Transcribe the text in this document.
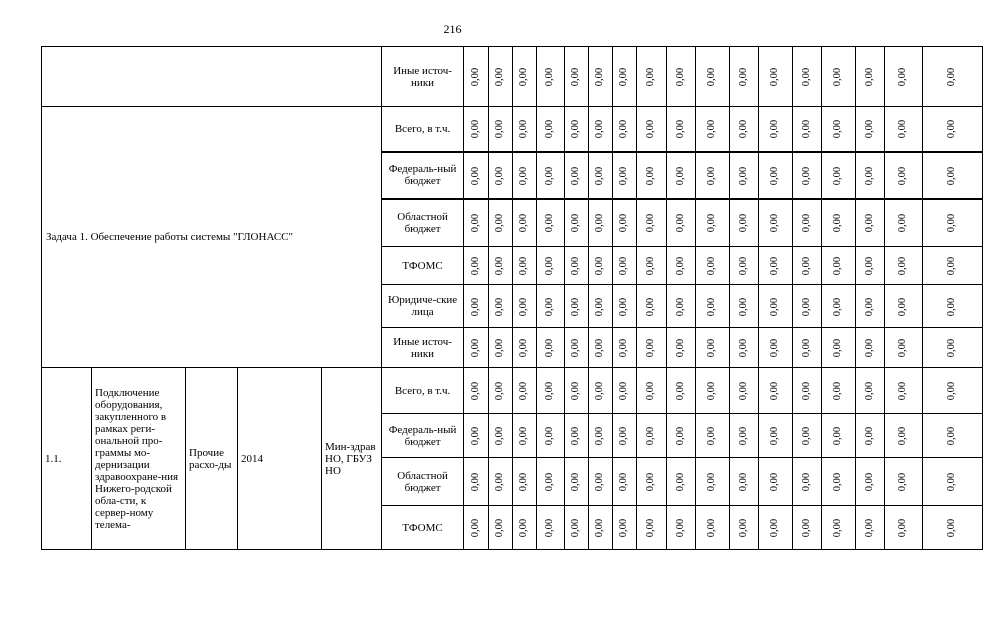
216
					Иные источ-ники	0,00	0,00	0,00	0,00	0,00	0,00	0,00	0,00	0,00	0,00	0,00	0,00	0,00	0,00	0,00	0,00	0,00
Задача 1. Обеспечение работы системы "ГЛОНАСС"					Всего, в т.ч.	0,00	0,00	0,00	0,00	0,00	0,00	0,00	0,00	0,00	0,00	0,00	0,00	0,00	0,00	0,00	0,00	0,00
					Федераль-ный бюджет	0,00	0,00	0,00	0,00	0,00	0,00	0,00	0,00	0,00	0,00	0,00	0,00	0,00	0,00	0,00	0,00	0,00
					Областной бюджет	0,00	0,00	0,00	0,00	0,00	0,00	0,00	0,00	0,00	0,00	0,00	0,00	0,00	0,00	0,00	0,00	0,00
					ТФОМС	0,00	0,00	0,00	0,00	0,00	0,00	0,00	0,00	0,00	0,00	0,00	0,00	0,00	0,00	0,00	0,00	0,00
					Юридиче-ские лица	0,00	0,00	0,00	0,00	0,00	0,00	0,00	0,00	0,00	0,00	0,00	0,00	0,00	0,00	0,00	0,00	0,00
					Иные источ-ники	0,00	0,00	0,00	0,00	0,00	0,00	0,00	0,00	0,00	0,00	0,00	0,00	0,00	0,00	0,00	0,00	0,00
1.1.	Подключение оборудования, закупленного в рамках реги-ональной про-граммы мо-дернизации здравоохране-ния Нижего-родской обла-сти, к сервер-ному телема-	Прочие расхо-ды	2014	Мин-здрав НО, ГБУЗ НО	Всего, в т.ч.	0,00	0,00	0,00	0,00	0,00	0,00	0,00	0,00	0,00	0,00	0,00	0,00	0,00	0,00	0,00	0,00	0,00
					Федераль-ный бюджет	0,00	0,00	0,00	0,00	0,00	0,00	0,00	0,00	0,00	0,00	0,00	0,00	0,00	0,00	0,00	0,00	0,00
					Областной бюджет	0,00	0,00	0,00	0,00	0,00	0,00	0,00	0,00	0,00	0,00	0,00	0,00	0,00	0,00	0,00	0,00	0,00
					ТФОМС	0,00	0,00	0,00	0,00	0,00	0,00	0,00	0,00	0,00	0,00	0,00	0,00	0,00	0,00	0,00	0,00	0,00
